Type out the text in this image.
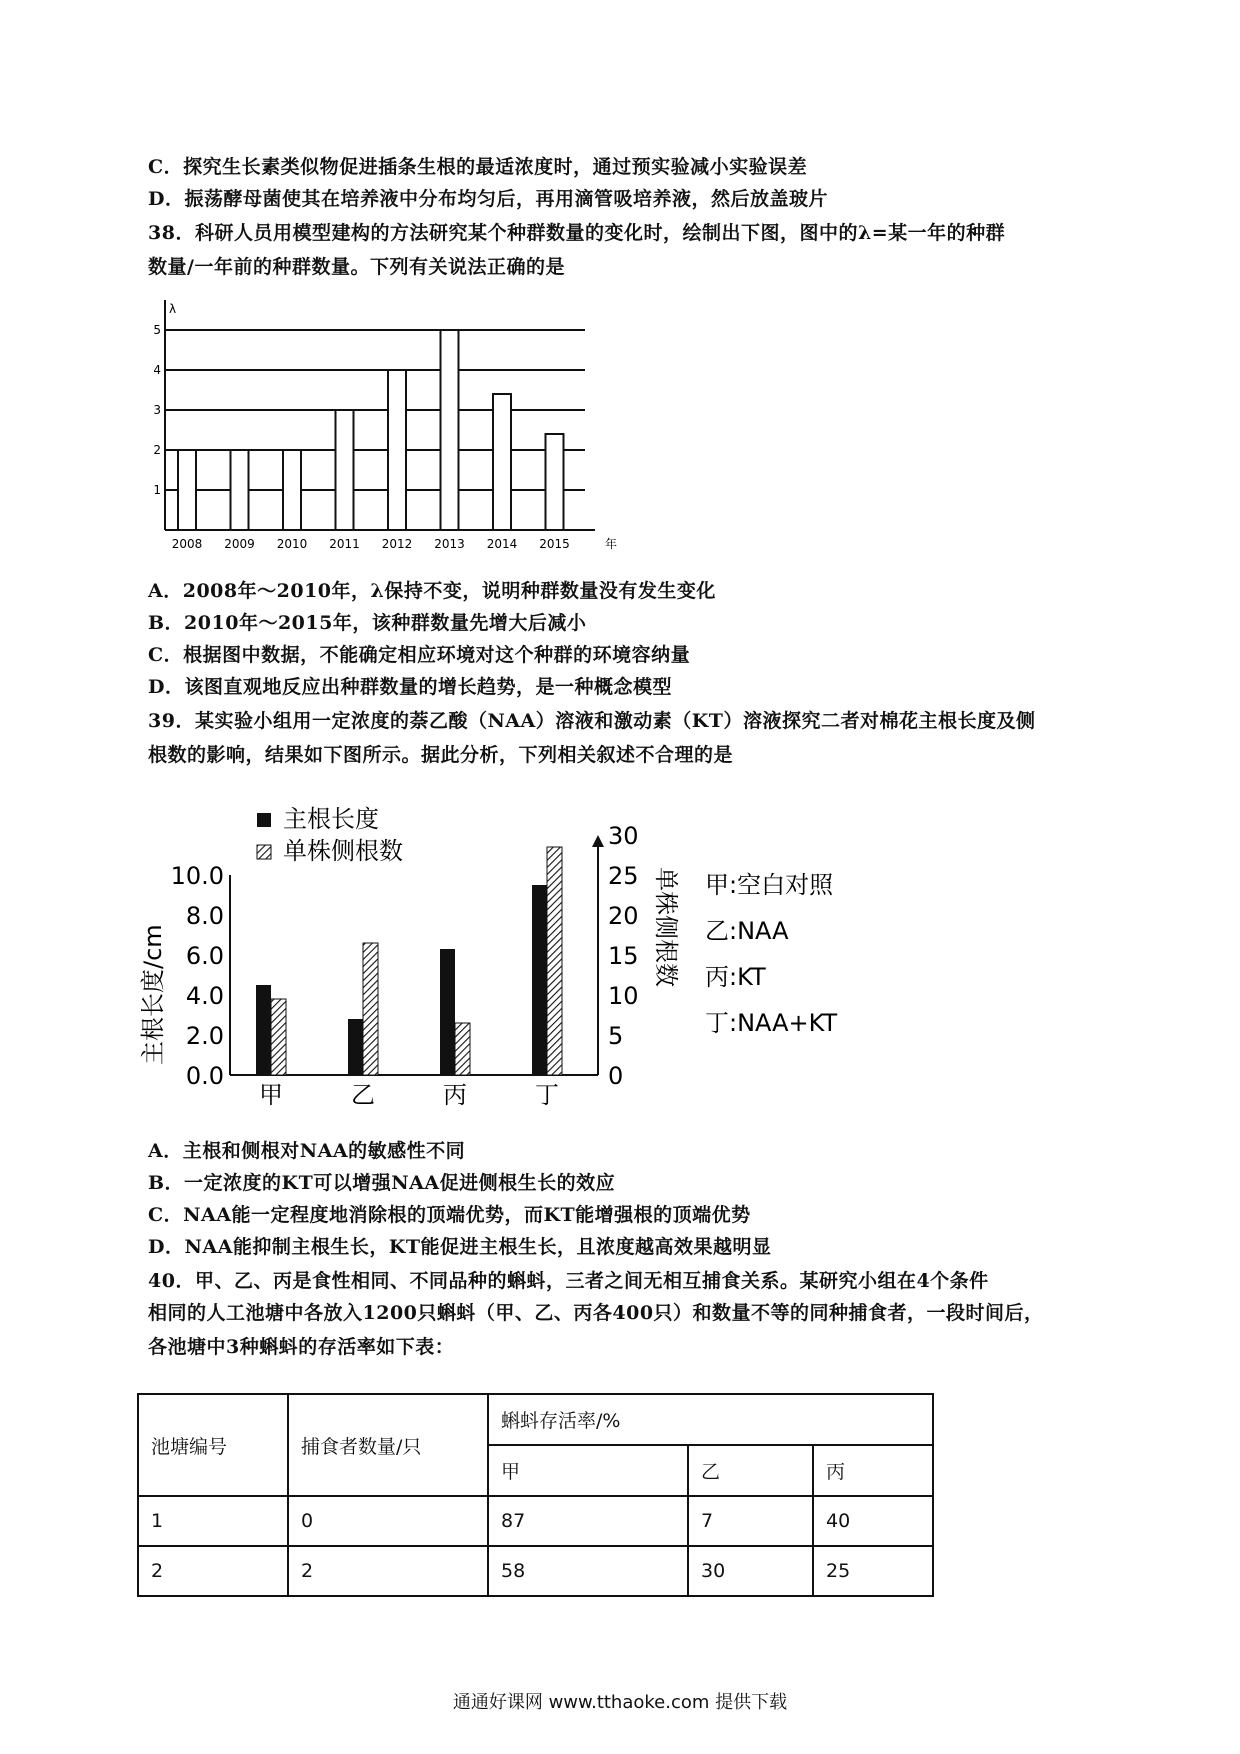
C．探究生长素类似物促进插条生根的最适浓度时，通过预实验减小实验误差
D．振荡酵母菌使其在培养液中分布均匀后，再用滴管吸培养液，然后放盖玻片
38．科研人员用模型建构的方法研究某个种群数量的变化时，绘制出下图，图中的λ=某一年的种群
数量/一年前的种群数量。下列有关说法正确的是
1
2
3
4
5
λ
年
2008 2009 2010 2011 2012 2013 2014 2015
A．2008年～2010年，λ保持不变，说明种群数量没有发生变化
B．2010年～2015年，该种群数量先增大后减小
C．根据图中数据，不能确定相应环境对这个种群的环境容纳量
D．该图直观地反应出种群数量的增长趋势，是一种概念模型
39．某实验小组用一定浓度的萘乙酸（NAA）溶液和激动素（KT）溶液探究二者对棉花主根长度及侧
根数的影响，结果如下图所示。据此分析，下列相关叙述不合理的是
主根长度
单株侧根数
0.0
2.0
4.0
6.0
8.0
10.0
0
5
10
15
20
25
30
主根长度/cm	单株侧根数
甲	乙	丙	丁
甲:空白对照
乙:NAA
丙:KT
丁:NAA+KT
A．主根和侧根对NAA的敏感性不同
B．一定浓度的KT可以增强NAA促进侧根生长的效应
C．NAA能一定程度地消除根的顶端优势，而KT能增强根的顶端优势
D．NAA能抑制主根生长，KT能促进主根生长，且浓度越高效果越明显
40．甲、乙、丙是食性相同、不同品种的蝌蚪，三者之间无相互捕食关系。某研究小组在4个条件
相同的人工池塘中各放入1200只蝌蚪（甲、乙、丙各400只）和数量不等的同种捕食者，一段时间后，
各池塘中3种蝌蚪的存活率如下表：
池塘编号	捕食者数量/只	蝌蚪存活率/%		
		甲	乙	丙
1	0	87	7	40
2	2	58	30	25
通通好课网 www.tthaoke.com 提供下载
